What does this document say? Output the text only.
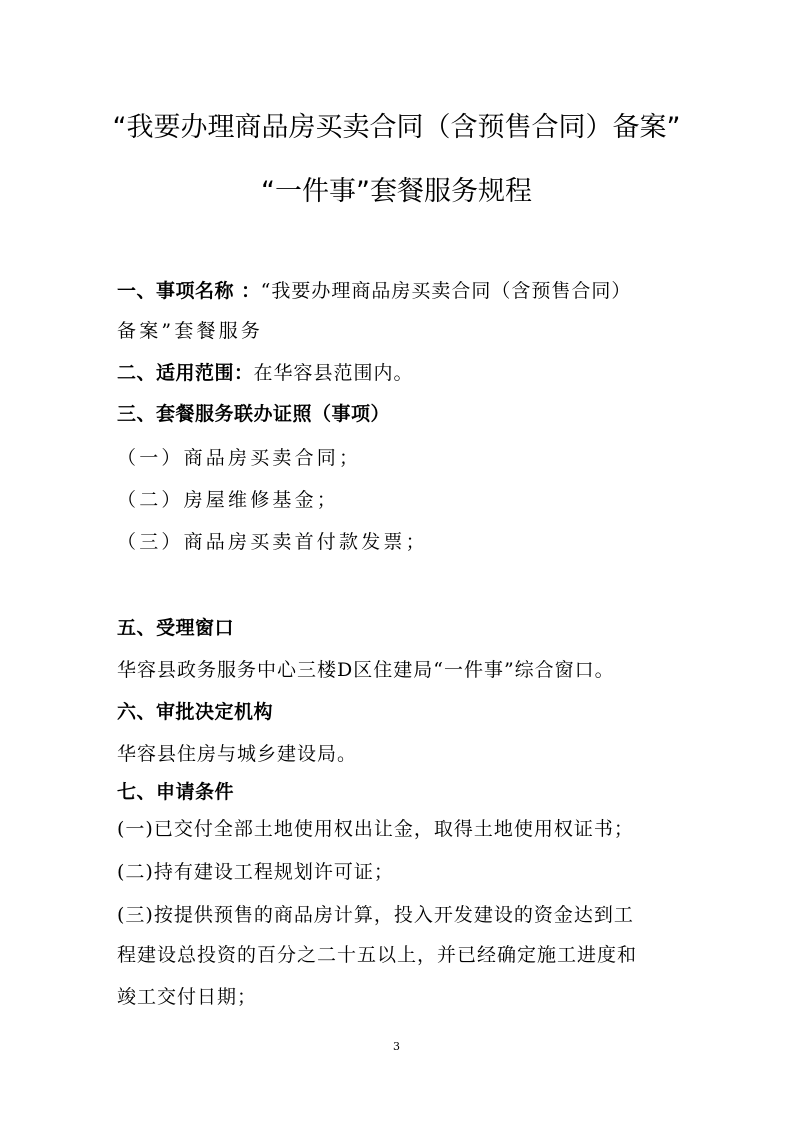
“我要办理商品房买卖合同（含预售合同）备案”
“一件事”套餐服务规程
一、事项名称 ：“我要办理商品房买卖合同（含预售合同）
备案”套餐服务
二、适用范围：在华容县范围内。
三、套餐服务联办证照（事项）
（一）商品房买卖合同；
（二）房屋维修基金；
（三）商品房买卖首付款发票；
五、受理窗口
华容县政务服务中心三楼D区住建局“一件事”综合窗口。
六、审批决定机构
华容县住房与城乡建设局。
七、申请条件
(一)已交付全部土地使用权出让金，取得土地使用权证书；
(二)持有建设工程规划许可证；
(三)按提供预售的商品房计算，投入开发建设的资金达到工
程建设总投资的百分之二十五以上，并已经确定施工进度和
竣工交付日期；
3
